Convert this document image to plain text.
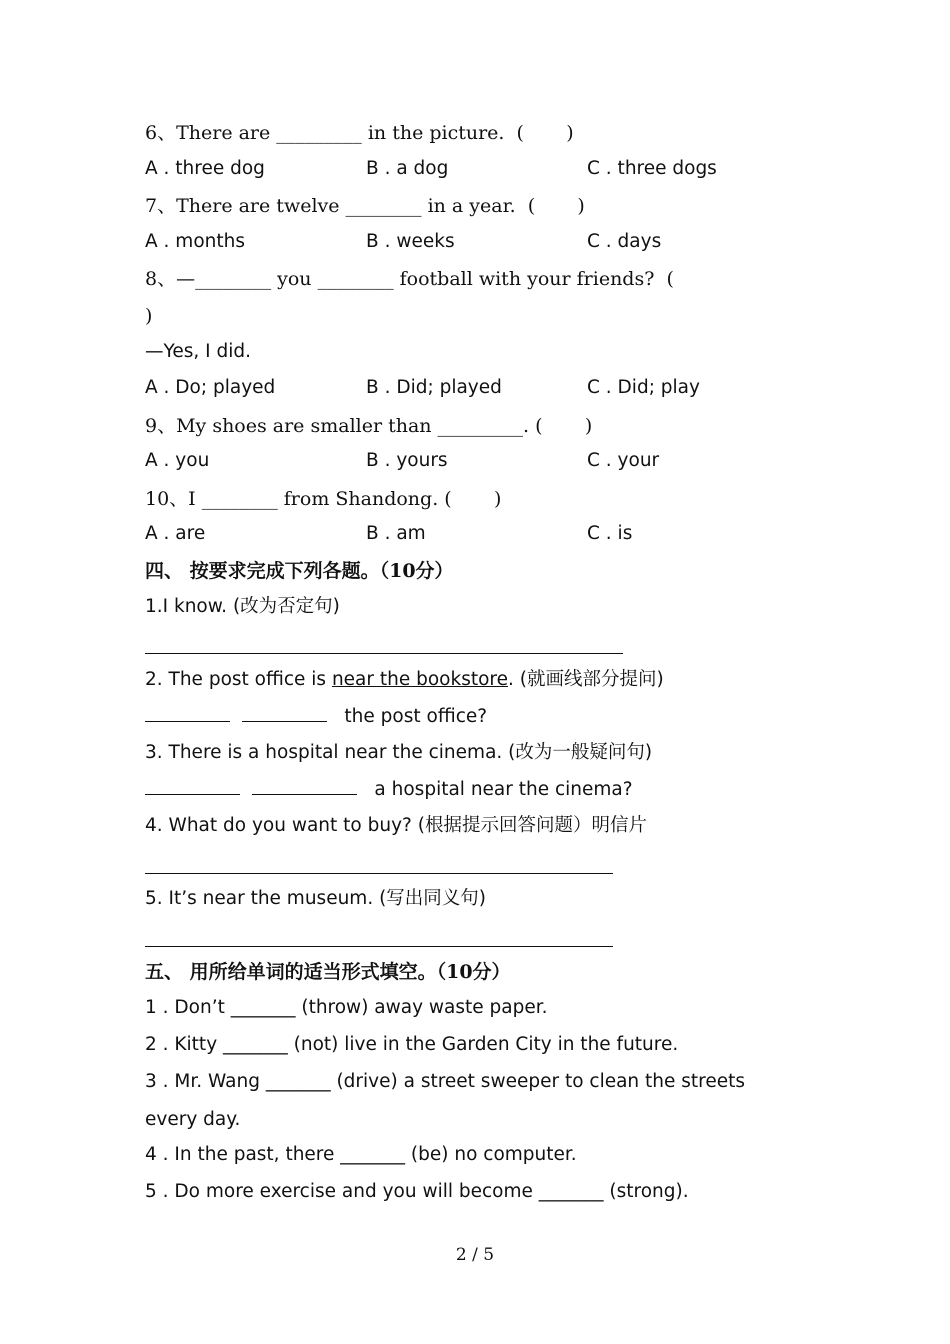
6、There are _________ in the picture.  (       )
A . three dog	B . a dog	C . three dogs
7、There are twelve ________ in a year.  (       )
A . months	B . weeks	C . days
8、—________ you ________ football with your friends?  (
)
—Yes, I did.
A . Do; played	B . Did; played	C . Did; play
9、My shoes are smaller than _________. (       )
A . you	B . yours	C . your
10、I ________ from Shandong. (       )
A . are	B . am	C . is
四、 按要求完成下列各题。（10分）
1.I know. (改为否定句)
2. The post office is near the bookstore. (就画线部分提问)
the post office?
3. There is a hospital near the cinema. (改为一般疑问句)
a hospital near the cinema?
4. What do you want to buy? (根据提示回答问题）明信片
5. It’s near the museum. (写出同义句)
五、 用所给单词的适当形式填空。（10分）
1 . Don’t _______ (throw) away waste paper.
2 . Kitty _______ (not) live in the Garden City in the future.
3 . Mr. Wang _______ (drive) a street sweeper to clean the streets
every day.
4 . In the past, there _______ (be) no computer.
5 . Do more exercise and you will become _______ (strong).
2 / 5
